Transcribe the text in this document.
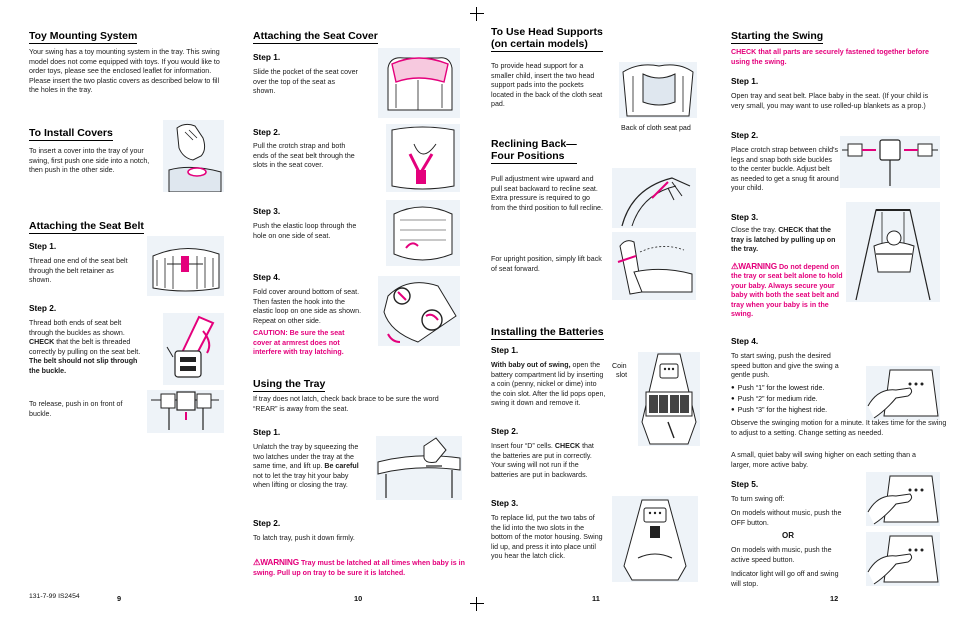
Toy Mounting System

Your swing has a toy mounting system in the tray. This swing model does not come equipped with toys. If you would like to order toys, please see the enclosed leaflet for information. Please insert the two plastic covers as described below to fill the holes in the tray.

To Install Covers

To insert a cover into the tray of your swing, first push one side into a notch, then push in the other side.

Attaching the Seat Belt
Step 1.

Thread one end of the seat belt through the belt retainer as shown.

Step 2.

Thread both ends of seat belt through the buckles as shown. CHECK that the belt is threaded correctly by pulling on the seat belt. The belt should not slip through the buckle.

To release, push in on front of buckle.

131-7-99 IS2454	9
Attaching the Seat Cover
Step 1.

Slide the pocket of the seat cover over the top of the seat as shown.

Step 2.

Pull the crotch strap and both ends of the seat belt through the slots in the seat cover.

Step 3.

Push the elastic loop through the hole on one side of seat.

Step 4.

Fold cover around bottom of seat. Then fasten the hook into the elastic loop on one side as shown. Repeat on other side.

CAUTION: Be sure the seat cover at armrest does not interfere with tray latching.

Using the Tray

If tray does not latch, check back brace to be sure the word “REAR” is away from the seat.

Step 1.

Unlatch the tray by squeezing the two latches under the tray at the same time, and lift up. Be careful not to let the tray hit your baby when lifting or closing the tray.

Step 2.

To latch tray, push it down firmly.

⚠WARNING Tray must be latched at all times when baby is in swing. Pull up on tray to be sure it is latched.

10
To Use Head Supports
(on certain models)

To provide head support for a smaller child, insert the two head support pads into the pockets located in the back of the cloth seat pad.

Back of cloth seat pad
Reclining Back—
Four Positions

Pull adjustment wire upward and pull seat backward to recline seat. Extra pressure is required to go from the third position to full recline.

For upright position, simply lift back of seat forward.

Installing the Batteries
Step 1.

With baby out of swing, open the battery compartment lid by inserting a coin (penny, nickel or dime) into the coin slot. After the lid pops open, swing it down and remove it.

Coin
slot
Step 2.

Insert four “D” cells. CHECK that the batteries are put in correctly. Your swing will not run if the batteries are put in backwards.

Step 3.

To replace lid, put the two tabs of the lid into the two slots in the bottom of the motor housing. Swing lid up, and press it into place until you hear the latch click.

11
Starting the Swing

CHECK that all parts are securely fastened together before using the swing.

Step 1.

Open tray and seat belt. Place baby in the seat. (If your child is very small, you may want to use rolled-up blankets as a prop.)

Step 2.

Place crotch strap between child's legs and snap both side buckles to the center buckle. Adjust belt as needed to get a snug fit around your child.

Step 3.

Close the tray. CHECK that the tray is latched by pulling up on the tray.

⚠WARNING Do not depend on the tray or seat belt alone to hold your baby. Always secure your baby with both the seat belt and tray when your baby is in the swing.

Step 4.

To start swing, push the desired speed button and give the swing a gentle push.

● Push “1” for the lowest ride.
● Push “2” for medium ride.
● Push “3” for the highest ride.

Observe the swinging motion for a minute. It takes time for the swing to adjust to a setting. Change setting as needed.

A small, quiet baby will swing higher on each setting than a larger, more active baby.

Step 5.

To turn swing off:

On models without music, push the OFF button.

OR

On models with music, push the active speed button.

Indicator light will go off and swing will stop.

12
